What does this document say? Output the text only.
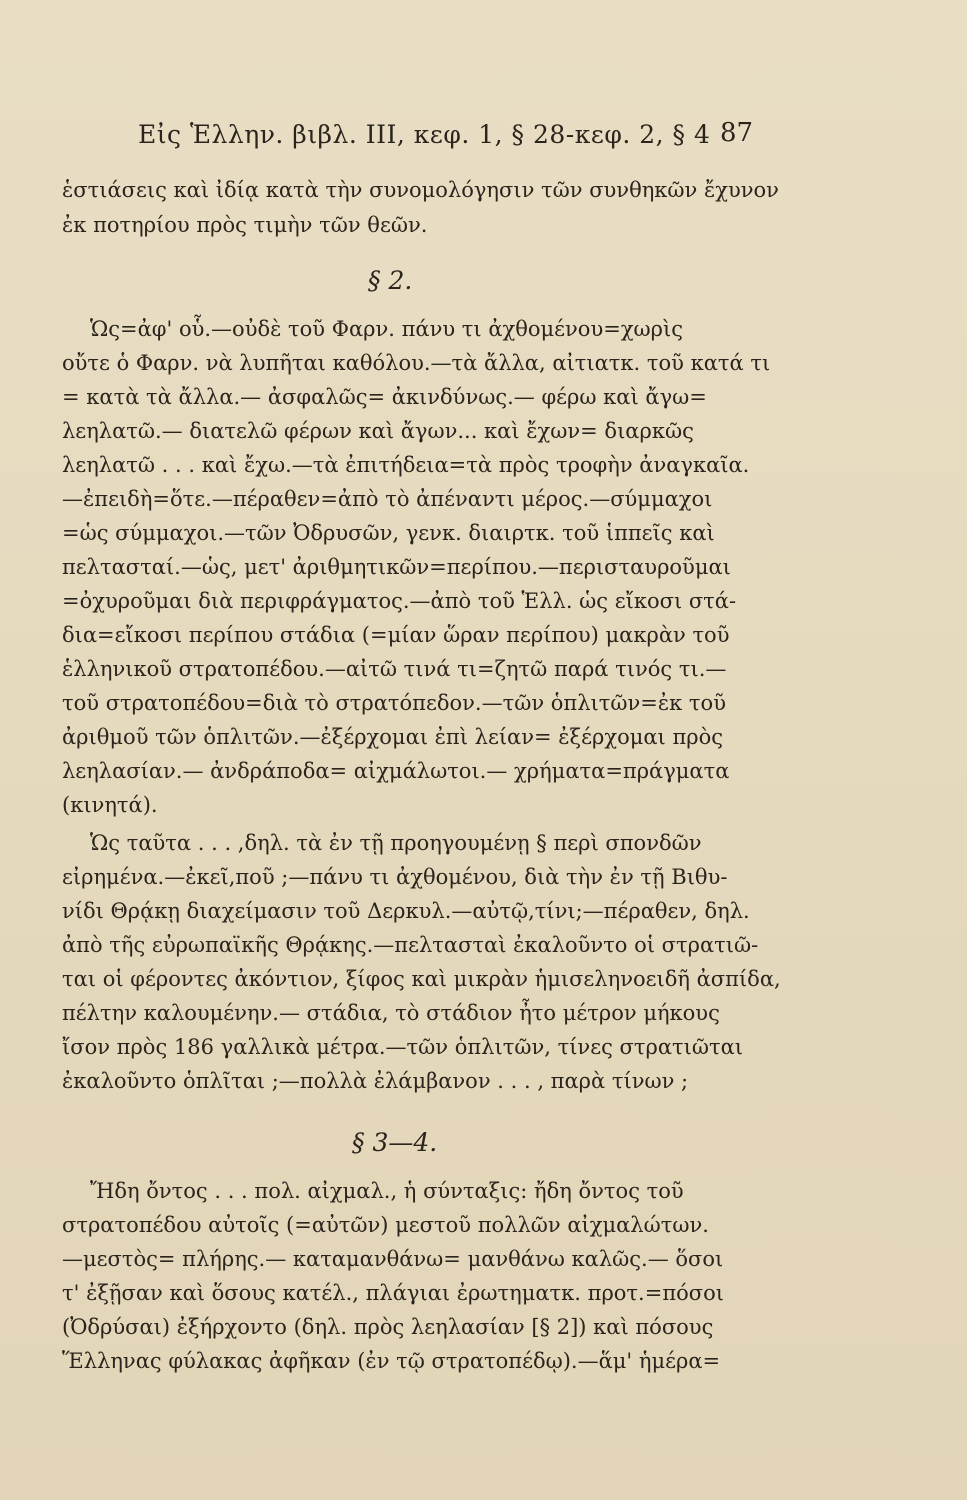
Εἰς Ἑλλην. βιβλ. III, κεφ. 1, § 28-κεφ. 2, § 4 87
ἑστιάσεις καὶ ἰδίᾳ κατὰ τὴν συνομολόγησιν τῶν συνθηκῶν ἔχυνον
ἐκ ποτηρίου πρὸς τιμὴν τῶν θεῶν.
§ 2.
Ὡς=ἀφ' οὗ.—οὐδὲ τοῦ Φαρν. πάνυ τι ἀχθομένου=χωρὶς
οὔτε ὁ Φαρν. νὰ λυπῆται καθόλου.—τὰ ἄλλα, αἰτιατκ. τοῦ κατά τι
= κατὰ τὰ ἄλλα.— ἀσφαλῶς= ἀκινδύνως.— φέρω καὶ ἄγω=
λεηλατῶ.— διατελῶ φέρων καὶ ἄγων... καὶ ἔχων= διαρκῶς
λεηλατῶ . . . καὶ ἔχω.—τὰ ἐπιτήδεια=τὰ πρὸς τροφὴν ἀναγκαῖα.
—ἐπειδὴ=ὅτε.—πέραθεν=ἀπὸ τὸ ἀπέναντι μέρος.—σύμμαχοι
=ὡς σύμμαχοι.—τῶν Ὀδρυσῶν, γενκ. διαιρτκ. τοῦ ἱππεῖς καὶ
πελτασταί.—ὡς, μετ' ἀριθμητικῶν=περίπου.—περισταυροῦμαι
=ὀχυροῦμαι διὰ περιφράγματος.—ἀπὸ τοῦ Ἑλλ. ὡς εἴκοσι στά-
δια=εἴκοσι περίπου στάδια (=μίαν ὥραν περίπου) μακρὰν τοῦ
ἑλληνικοῦ στρατοπέδου.—αἰτῶ τινά τι=ζητῶ παρά τινός τι.—
τοῦ στρατοπέδου=διὰ τὸ στρατόπεδον.—τῶν ὁπλιτῶν=ἐκ τοῦ
ἀριθμοῦ τῶν ὁπλιτῶν.—ἐξέρχομαι ἐπὶ λείαν= ἐξέρχομαι πρὸς
λεηλασίαν.— ἀνδράποδα= αἰχμάλωτοι.— χρήματα=πράγματα
(κινητά).
Ὡς ταῦτα . . . ,δηλ. τὰ ἐν τῇ προηγουμένῃ § περὶ σπονδῶν
εἰρημένα.—ἐκεῖ,ποῦ ;—πάνυ τι ἀχθομένου, διὰ τὴν ἐν τῇ Βιθυ-
νίδι Θρᾴκῃ διαχείμασιν τοῦ Δερκυλ.—αὐτῷ,τίνι;—πέραθεν, δηλ.
ἀπὸ τῆς εὐρωπαϊκῆς Θρᾴκης.—πελτασταὶ ἐκαλοῦντο οἱ στρατιῶ-
ται οἱ φέροντες ἀκόντιον, ξίφος καὶ μικρὰν ἡμισεληνοειδῆ ἀσπίδα,
πέλτην καλουμένην.— στάδια, τὸ στάδιον ἦτο μέτρον μήκους
ἴσον πρὸς 186 γαλλικὰ μέτρα.—τῶν ὁπλιτῶν, τίνες στρατιῶται
ἐκαλοῦντο ὁπλῖται ;—πολλὰ ἐλάμβανον . . . , παρὰ τίνων ;
§ 3—4.
Ἤδη ὄντος . . . πολ. αἰχμαλ., ἡ σύνταξις: ἤδη ὄντος τοῦ
στρατοπέδου αὐτοῖς (=αὐτῶν) μεστοῦ πολλῶν αἰχμαλώτων.
—μεστὸς= πλήρης.— καταμανθάνω= μανθάνω καλῶς.— ὅσοι
τ' ἐξῇσαν καὶ ὅσους κατέλ., πλάγιαι ἐρωτηματκ. προτ.=πόσοι
(Ὀδρύσαι) ἐξήρχοντο (δηλ. πρὸς λεηλασίαν [§ 2]) καὶ πόσους
Ἕλληνας φύλακας ἀφῆκαν (ἐν τῷ στρατοπέδῳ).—ἅμ' ἡμέρα=
